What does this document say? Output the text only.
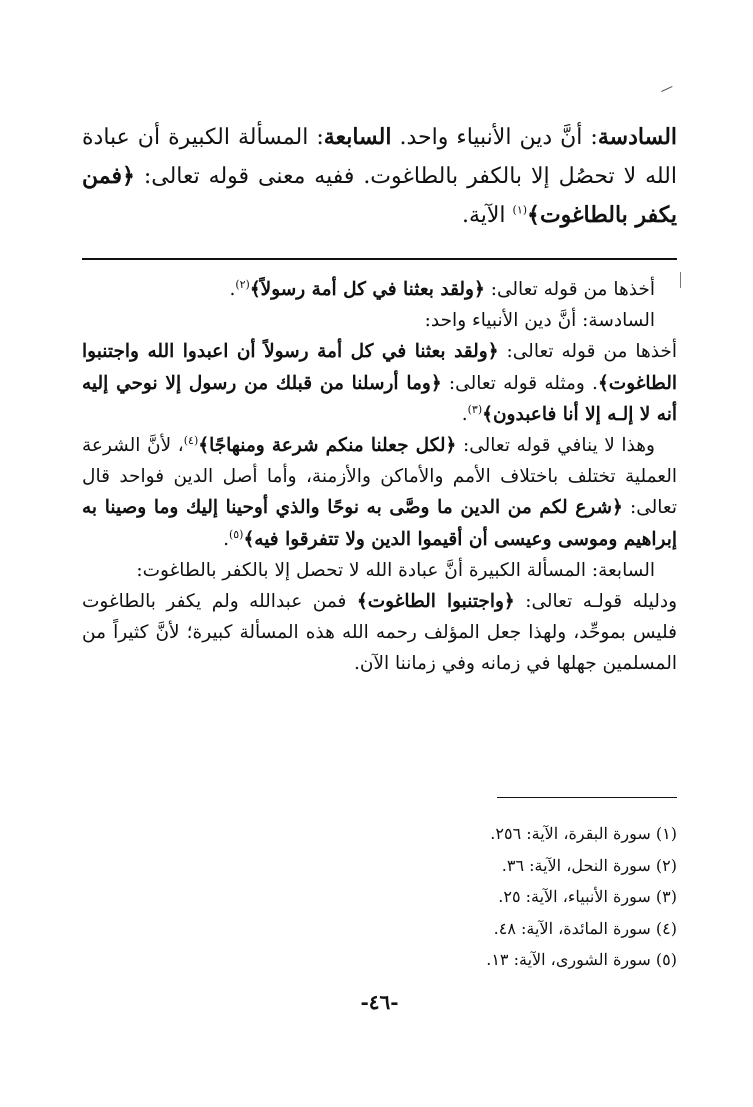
السادسة: أنَّ دين الأنبياء واحد. السابعة: المسألة الكبيرة أن عبادة الله لا تحصُل إلا بالكفر بالطاغوت. ففيه معنى قوله تعالى: ﴿فمن يكفر بالطاغوت﴾$^{(١)}$ الآية.

أخذها من قوله تعالى: ﴿ولقد بعثنا في كل أمة رسولاً﴾$^{(٢)}$.

السادسة: أنَّ دين الأنبياء واحد:

أخذها من قوله تعالى: ﴿ولقد بعثنا في كل أمة رسولاً أن اعبدوا الله واجتنبوا الطاغوت﴾. ومثله قوله تعالى: ﴿وما أرسلنا من قبلك من رسول إلا نوحي إليه أنه لا إلـه إلا أنا فاعبدون﴾$^{(٣)}$.

وهذا لا ينافي قوله تعالى: ﴿لكل جعلنا منكم شرعة ومنهاجًا﴾$^{(٤)}$، لأنَّ الشرعة العملية تختلف باختلاف الأمم والأماكن والأزمنة، وأما أصل الدين فواحد قال تعالى: ﴿شرع لكم من الدين ما وصَّى به نوحًا والذي أوحينا إليك وما وصينا به إبراهيم وموسى وعيسى أن أقيموا الدين ولا تتفرقوا فيه﴾$^{(٥)}$.

السابعة: المسألة الكبيرة أنَّ عبادة الله لا تحصل إلا بالكفر بالطاغوت:

ودليله قولـه تعالى: ﴿واجتنبوا الطاغوت﴾ فمن عبدالله ولم يكفر بالطاغوت فليس بموحِّد، ولهذا جعل المؤلف رحمه الله هذه المسألة كبيرة؛ لأنَّ كثيراً من المسلمين جهلها في زمانه وفي زماننا الآن.

(١) سورة البقرة، الآية: ٢٥٦.
(٢) سورة النحل، الآية: ٣٦.
(٣) سورة الأنبياء، الآية: ٢٥.
(٤) سورة المائدة، الآية: ٤٨.
(٥) سورة الشورى، الآية: ١٣.
-٤٦-
